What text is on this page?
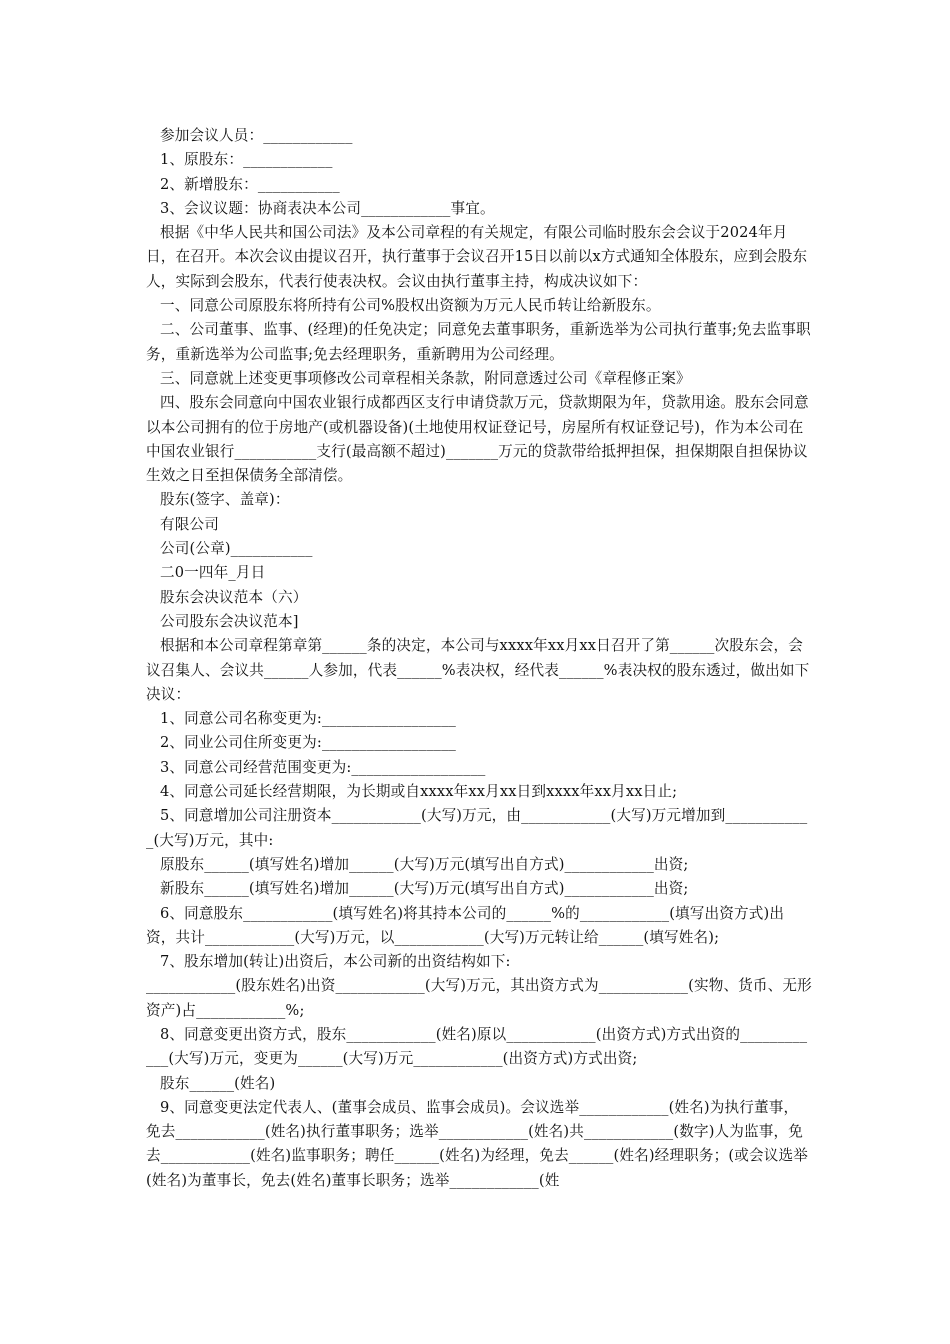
参加会议人员：____________

1、原股东：____________

2、新增股东：___________

3、会议议题：协商表决本公司____________事宜。

根据《中华人民共和国公司法》及本公司章程的有关规定，有限公司临时股东会会议于2024年月日，在召开。本次会议由提议召开，执行董事于会议召开15日以前以x方式通知全体股东，应到会股东人，实际到会股东，代表行使表决权。会议由执行董事主持，构成决议如下：

一、同意公司原股东将所持有公司%股权出资额为万元人民币转让给新股东。

二、公司董事、监事、(经理)的任免决定；同意免去董事职务，重新选举为公司执行董事;免去监事职务，重新选举为公司监事;免去经理职务，重新聘用为公司经理。

三、同意就上述变更事项修改公司章程相关条款，附同意透过公司《章程修正案》

四、股东会同意向中国农业银行成都西区支行申请贷款万元，贷款期限为年，贷款用途。股东会同意以本公司拥有的位于房地产(或机器设备)(土地使用权证登记号，房屋所有权证登记号)，作为本公司在中国农业银行___________支行(最高额不超过)_______万元的贷款带给抵押担保，担保期限自担保协议生效之日至担保债务全部清偿。

股东(签字、盖章)：

有限公司

公司(公章)___________

二0一四年_月日

股东会决议范本（六）

公司股东会决议范本]

根据和本公司章程第章第______条的决定，本公司与xxxx年xx月xx日召开了第______次股东会，会议召集人、会议共______人参加，代表______%表决权，经代表______%表决权的股东透过，做出如下决议：

1、同意公司名称变更为:__________________

2、同业公司住所变更为:__________________

3、同意公司经营范围变更为:__________________

4、同意公司延长经营期限，为长期或自xxxx年xx月xx日到xxxx年xx月xx日止;

5、同意增加公司注册资本____________(大写)万元，由____________(大写)万元增加到____________(大写)万元，其中:

原股东______(填写姓名)增加______(大写)万元(填写出自方式)____________出资;

新股东______(填写姓名)增加______(大写)万元(填写出自方式)____________出资;

6、同意股东____________(填写姓名)将其持本公司的______%的____________(填写出资方式)出资，共计____________(大写)万元，以____________(大写)万元转让给______(填写姓名);

7、股东增加(转让)出资后，本公司新的出资结构如下:

____________(股东姓名)出资____________(大写)万元，其出资方式为____________(实物、货币、无形资产)占____________%;

8、同意变更出资方式，股东____________(姓名)原以____________(出资方式)方式出资的____________(大写)万元，变更为______(大写)万元____________(出资方式)方式出资;

股东______(姓名)

9、同意变更法定代表人、(董事会成员、监事会成员)。会议选举____________(姓名)为执行董事，免去____________(姓名)执行董事职务；选举____________(姓名)共____________(数字)人为监事，免去____________(姓名)监事职务；聘任______(姓名)为经理，免去______(姓名)经理职务；(或会议选举(姓名)为董事长，免去(姓名)董事长职务；选举____________(姓
